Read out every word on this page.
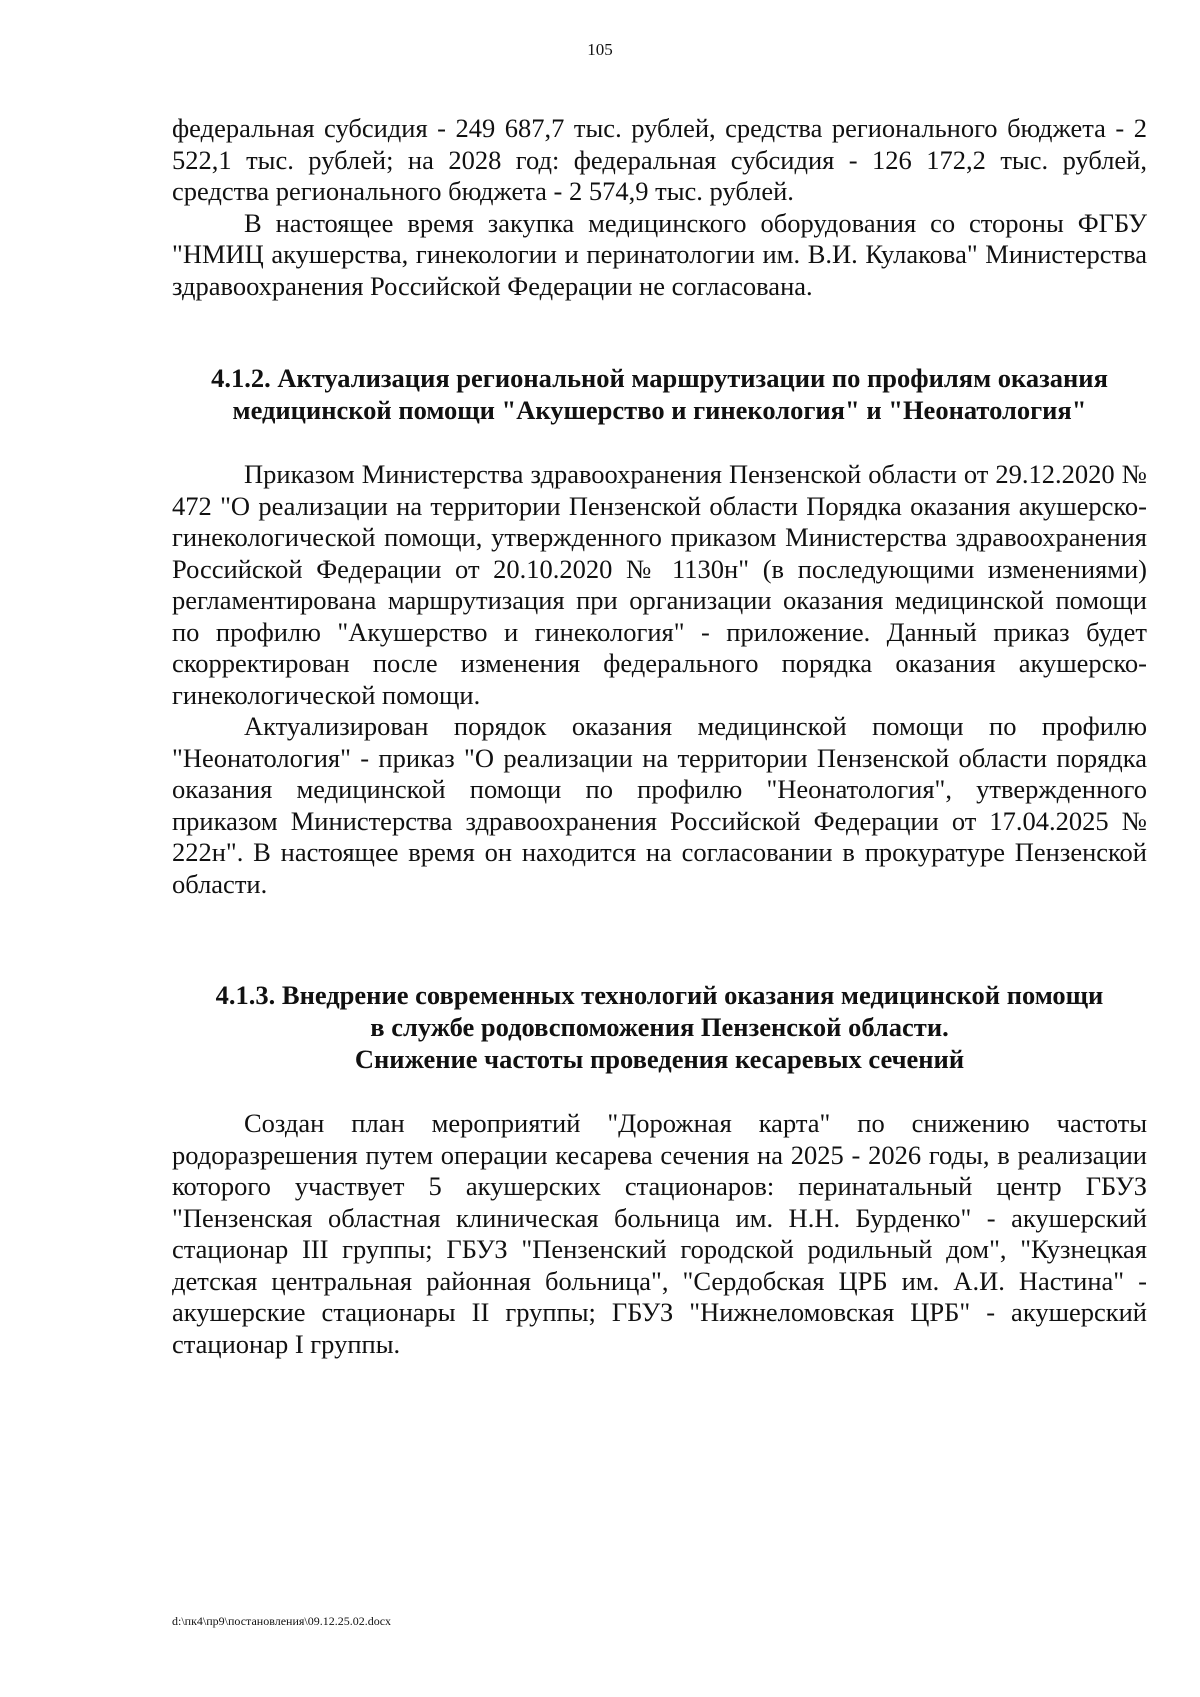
105

федеральная субсидия - 249 687,7 тыс. рублей, средства регионального бюджета - 2 522,1 тыс. рублей; на 2028 год: федеральная субсидия - 126 172,2 тыс. рублей, средства регионального бюджета - 2 574,9 тыс. рублей.

В настоящее время закупка медицинского оборудования со стороны ФГБУ "НМИЦ акушерства, гинекологии и перинатологии им. В.И. Кулакова" Министерства здравоохранения Российской Федерации не согласована.

4.1.2. Актуализация региональной маршрутизации по профилям оказания медицинской помощи "Акушерство и гинекология" и "Неонатология"

Приказом Министерства здравоохранения Пензенской области от 29.12.2020 № 472 "О реализации на территории Пензенской области Порядка оказания акушерско-гинекологической помощи, утвержденного приказом Министерства здравоохранения Российской Федерации от 20.10.2020 № 1130н" (в последующими изменениями) регламентирована маршрутизация при организации оказания медицинской помощи по профилю "Акушерство и гинекология" - приложение. Данный приказ будет скорректирован после изменения федерального порядка оказания акушерско-гинекологической помощи.

Актуализирован порядок оказания медицинской помощи по профилю "Неонатология" - приказ "О реализации на территории Пензенской области порядка оказания медицинской помощи по профилю "Неонатология", утвержденного приказом Министерства здравоохранения Российской Федерации от 17.04.2025 № 222н". В настоящее время он находится на согласовании в прокуратуре Пензенской области.

4.1.3. Внедрение современных технологий оказания медицинской помощи
в службе родовспоможения Пензенской области.
Снижение частоты проведения кесаревых сечений

Создан план мероприятий "Дорожная карта" по снижению частоты родоразрешения путем операции кесарева сечения на 2025 - 2026 годы, в реализации которого участвует 5 акушерских стационаров: перинатальный центр ГБУЗ "Пензенская областная клиническая больница им. Н.Н. Бурденко" - акушерский стационар III группы; ГБУЗ "Пензенский городской родильный дом", "Кузнецкая детская центральная районная больница", "Сердобская ЦРБ им. А.И. Настина" - акушерские стационары II группы; ГБУЗ "Нижнеломовская ЦРБ" - акушерский стационар I группы.

d:\пк4\пр9\постановления\09.12.25.02.docx
